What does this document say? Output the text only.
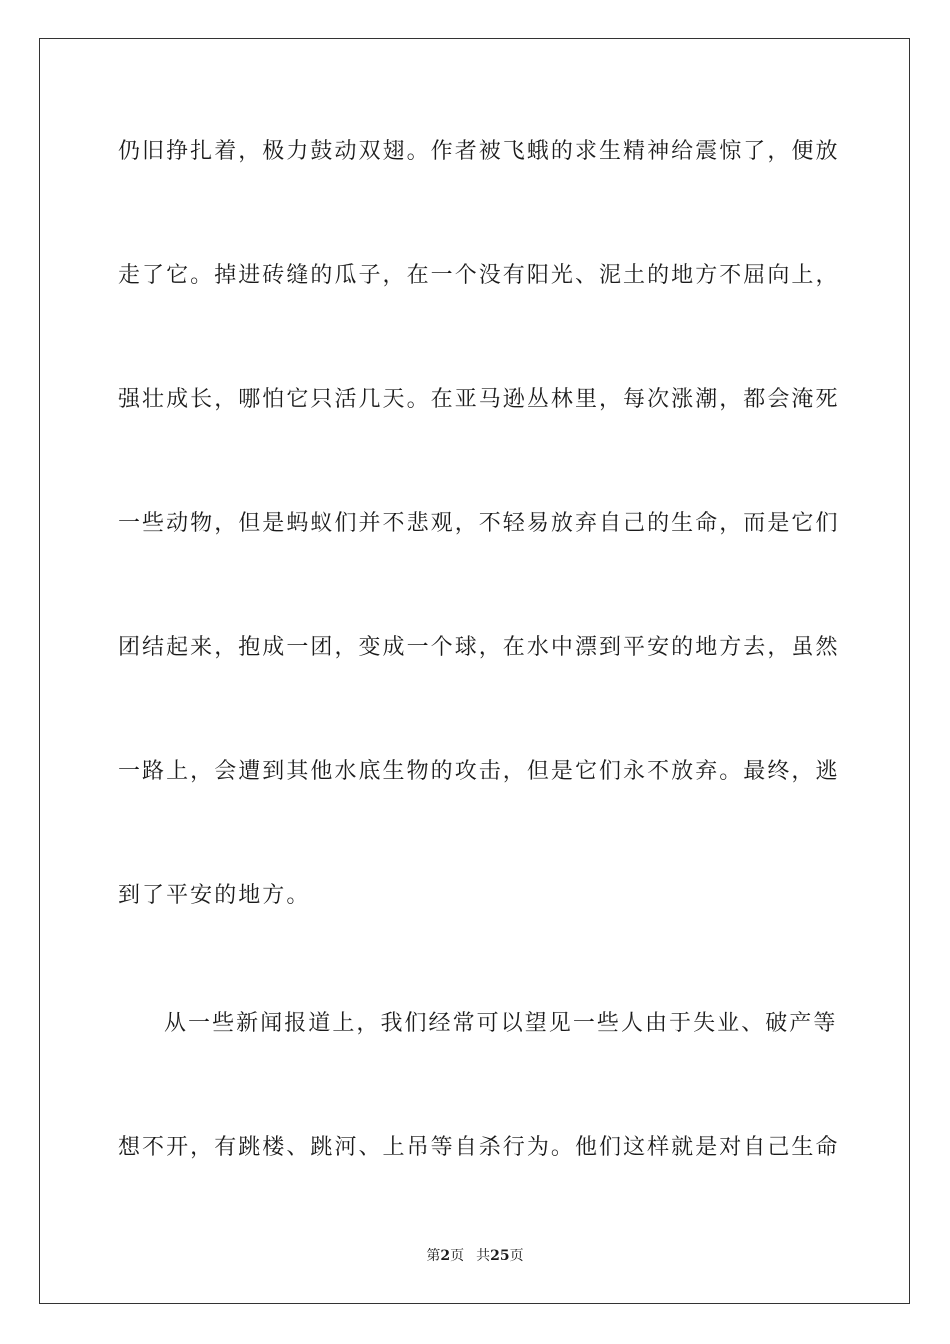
仍旧挣扎着，极力鼓动双翅。作者被飞蛾的求生精神给震惊了，便放
走了它。掉进砖缝的瓜子，在一个没有阳光、泥土的地方不屈向上，
强壮成长，哪怕它只活几天。在亚马逊丛林里，每次涨潮，都会淹死
一些动物，但是蚂蚁们并不悲观，不轻易放弃自己的生命，而是它们
团结起来，抱成一团，变成一个球，在水中漂到平安的地方去，虽然
一路上，会遭到其他水底生物的攻击，但是它们永不放弃。最终，逃
到了平安的地方。
从一些新闻报道上，我们经常可以望见一些人由于失业、破产等
想不开，有跳楼、跳河、上吊等自杀行为。他们这样就是对自己生命
第2页 共25页
